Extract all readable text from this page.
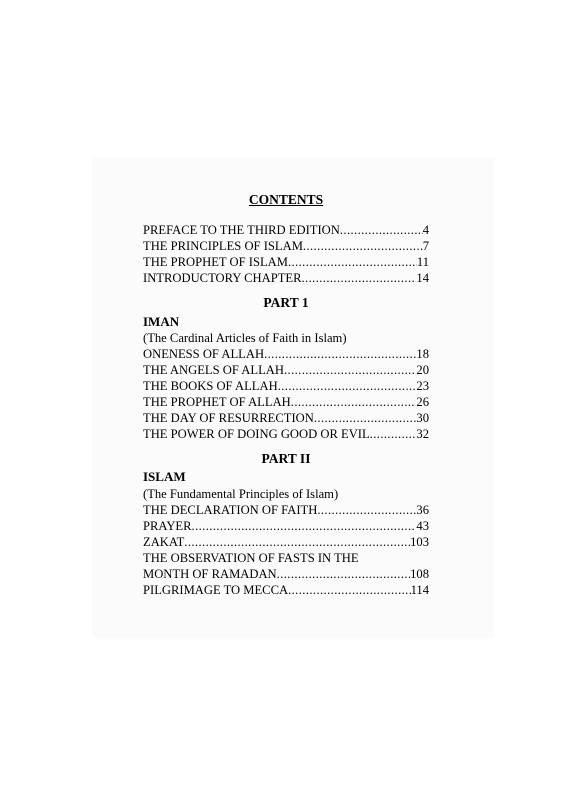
CONTENTS
PREFACE TO THE THIRD EDITION .....	4
THE PRINCIPLES OF ISLAM .....	7
THE PROPHET OF ISLAM .....	11
INTRODUCTORY CHAPTER .....	14
PART 1
IMAN
(The Cardinal Articles of Faith in Islam)
ONENESS OF ALLAH .....	18
THE ANGELS OF ALLAH .....	20
THE BOOKS OF ALLAH .....	23
THE PROPHET OF ALLAH .....	26
THE DAY OF RESURRECTION .....	30
THE POWER OF DOING GOOD OR EVIL .....	32
PART II
ISLAM
(The Fundamental Principles of Islam)
THE DECLARATION OF FAITH .....	36
PRAYER .....	43
ZAKAT .....	103
THE OBSERVATION OF FASTS IN THE
MONTH OF RAMADAN .....	108
PILGRIMAGE TO MECCA .....	114
